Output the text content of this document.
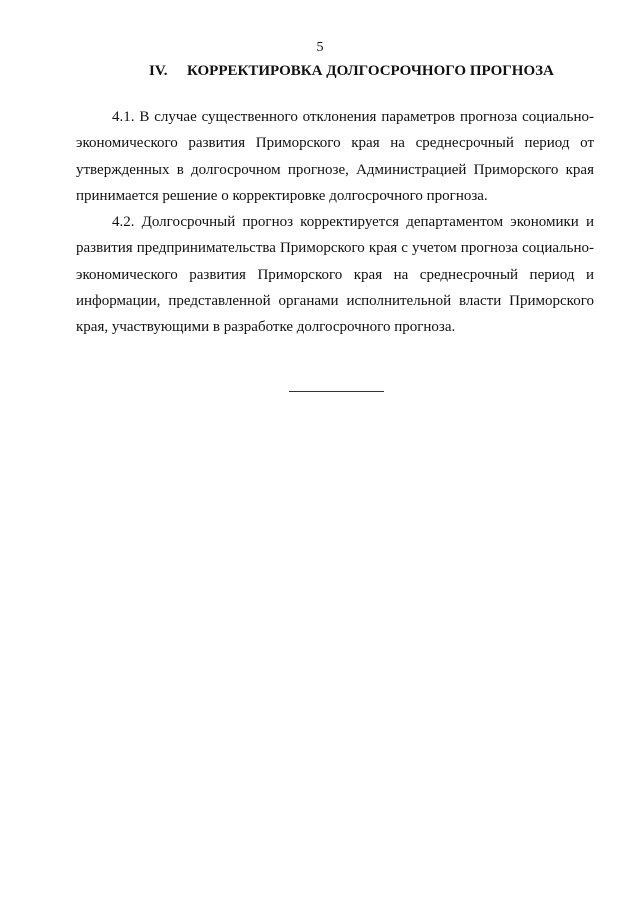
5
IV. КОРРЕКТИРОВКА ДОЛГОСРОЧНОГО ПРОГНОЗА

4.1. В случае существенного отклонения параметров прогноза социально-экономического развития Приморского края на среднесрочный период от утвержденных в долгосрочном прогнозе, Администрацией Приморского края принимается решение о корректировке долгосрочного прогноза.

4.2. Долгосрочный прогноз корректируется департаментом экономики и развития предпринимательства Приморского края с учетом прогноза социально-экономического развития Приморского края на среднесрочный период и информации, представленной органами исполнительной власти Приморского края, участвующими в разработке долгосрочного прогноза.
